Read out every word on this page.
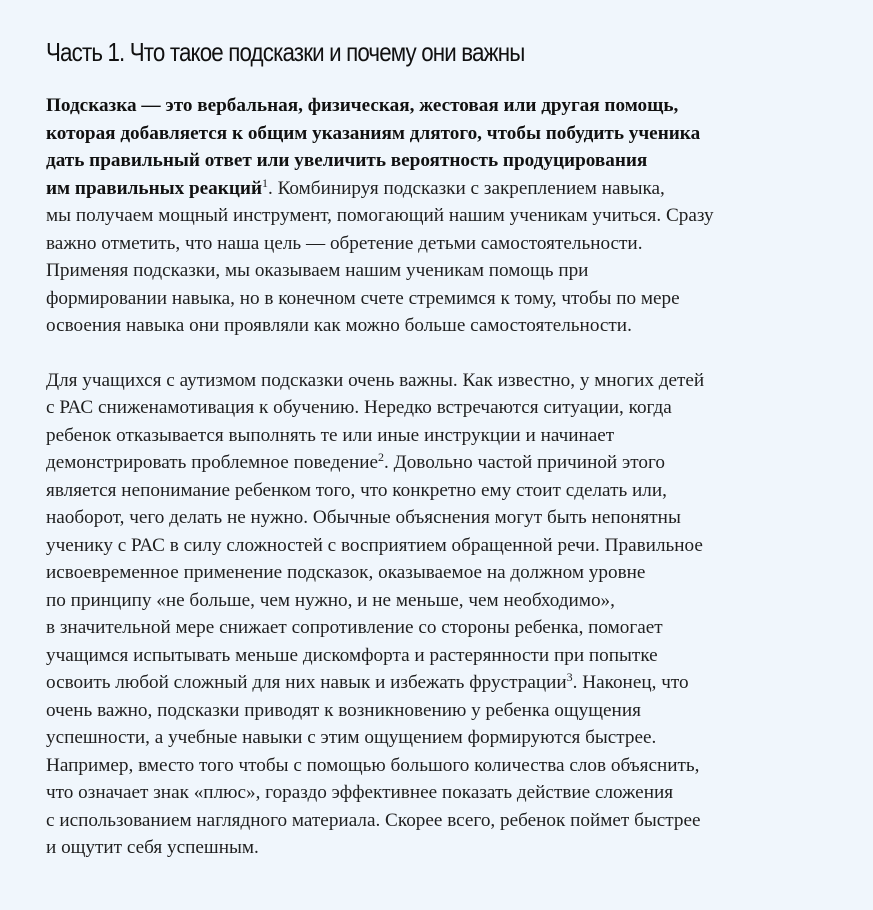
Часть 1. Что такое подсказки и почему они важны

Подсказка — это вербальная, физическая, жестовая или другая помощь,
которая добавляется к общим указаниям длятого, чтобы побудить ученика
дать правильный ответ или увеличить вероятность продуцирования
им правильных реакций$^1$. Комбинируя подсказки с закреплением навыка,
мы получаем мощный инструмент, помогающий нашим ученикам учиться. Сразу
важно отметить, что наша цель — обретение детьми самостоятельности.
Применяя подсказки, мы оказываем нашим ученикам помощь при
формировании навыка, но в конечном счете стремимся к тому, чтобы по мере
освоения навыка они проявляли как можно больше самостоятельности.

Для учащихся с аутизмом подсказки очень важны. Как известно, у многих детей
с РАС сниженамотивация к обучению. Нередко встречаются ситуации, когда
ребенок отказывается выполнять те или иные инструкции и начинает
демонстрировать проблемное поведение$^2$. Довольно частой причиной этого
является непонимание ребенком того, что конкретно ему стоит сделать или,
наоборот, чего делать не нужно. Обычные объяснения могут быть непонятны
ученику с РАС в силу сложностей с восприятием обращенной речи. Правильное
исвоевременное применение подсказок, оказываемое на должном уровне
по принципу «не больше, чем нужно, и не меньше, чем необходимо»,
в значительной мере снижает сопротивление со стороны ребенка, помогает
учащимся испытывать меньше дискомфорта и растерянности при попытке
освоить любой сложный для них навык и избежать фрустрации$^3$. Наконец, что
очень важно, подсказки приводят к возникновению у ребенка ощущения
успешности, а учебные навыки с этим ощущением формируются быстрее.
Например, вместо того чтобы с помощью большого количества слов объяснить,
что означает знак «плюс», гораздо эффективнее показать действие сложения
с использованием наглядного материала. Скорее всего, ребенок поймет быстрее
и ощутит себя успешным.
